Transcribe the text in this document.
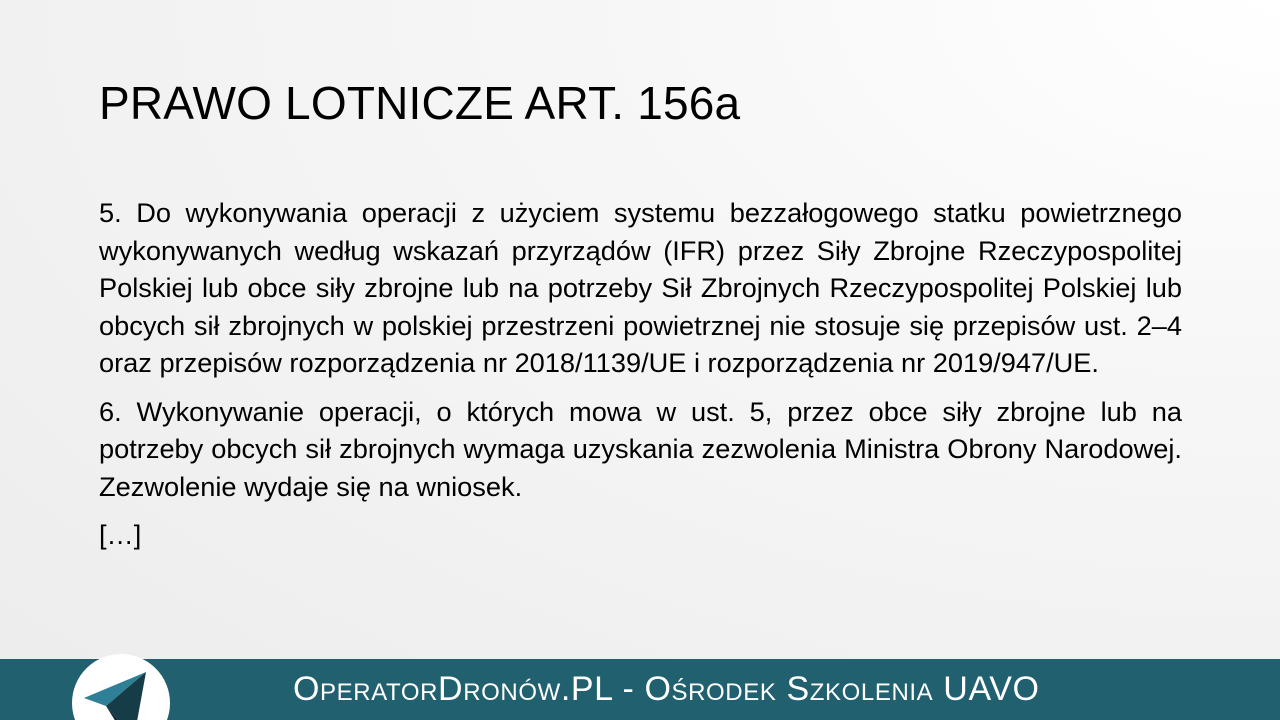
PRAWO LOTNICZE ART. 156a

5. Do wykonywania operacji z użyciem systemu bezzałogowego statku powietrznego wykonywanych według wskazań przyrządów (IFR) przez Siły Zbrojne Rzeczypospolitej Polskiej lub obce siły zbrojne lub na potrzeby Sił Zbrojnych Rzeczypospolitej Polskiej lub obcych sił zbrojnych w polskiej przestrzeni powietrznej nie stosuje się przepisów ust. 2–4 oraz przepisów rozporządzenia nr 2018/1139/UE i rozporządzenia nr 2019/947/UE.

6. Wykonywanie operacji, o których mowa w ust. 5, przez obce siły zbrojne lub na potrzeby obcych sił zbrojnych wymaga uzyskania zezwolenia Ministra Obrony Narodowej. Zezwolenie wydaje się na wniosek.

[…]

OperatorDronów.PL - Ośrodek Szkolenia UAVO
